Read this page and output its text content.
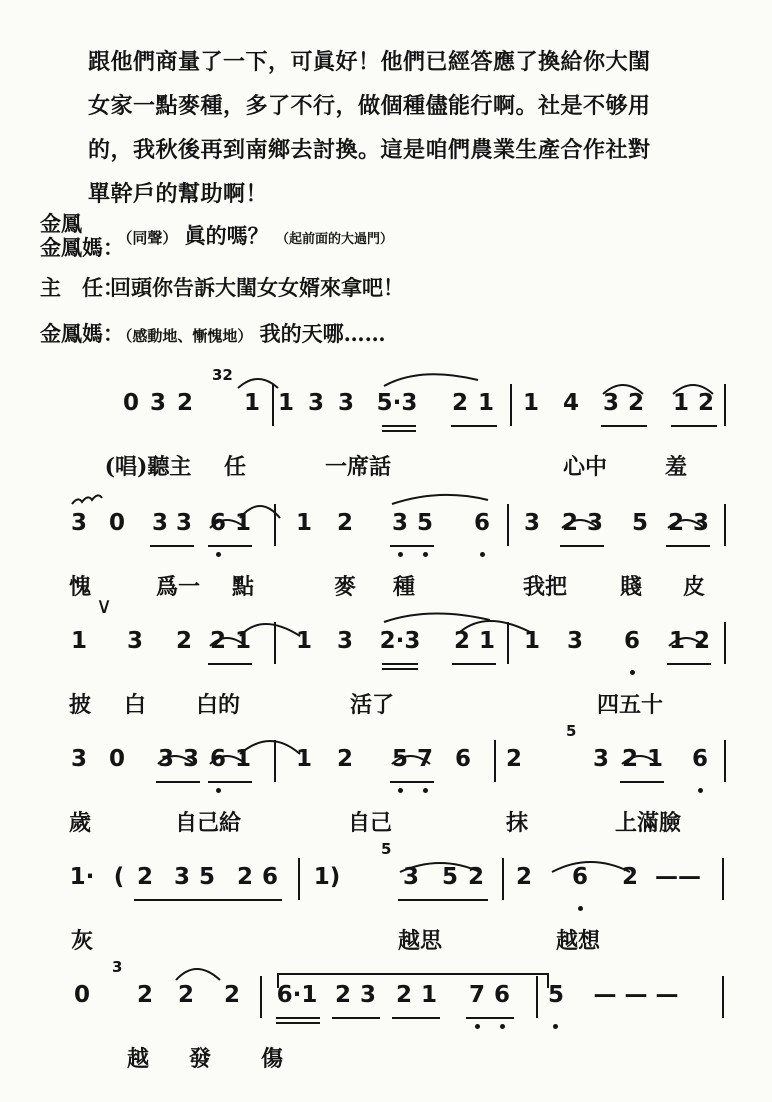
跟他們商量了一下，可眞好！他們已經答應了換給你大閨
女家一點麥種，多了不行，做個種儘能行啊。社是不够用
的，我秋後再到南鄉去討換。這是咱們農業生產合作社對
單幹戶的幫助啊！
金鳳
金鳳媽： （同聲） 眞的嗎？ （起前面的大過門）
主　任：回頭你告訴大閨女女婿來拿吧！
金鳳媽： （感動地、慚愧地） 我的天哪……
0 3 2 1 1 3 3 5·3 2 1 1 4 3 2 1 2
32
(唱)聽主 任	一席話	心中	羞
3 0 3 3 6 1 1 2 3 5 6 3 2 3 5 2 3
愧	爲一 點	麥 種	我把 賤 皮
∨
1 3 2 2 1 1 3 2·3 2 1 1 3 6 1 2
披 白 白的	活了	四五十
3 0 3 3 6 1 1 2 5 7 6 2	3 2 1 6
5
歲	自己給	自己	抹	上滿臉
1· ( 2 3 5 2 6 1)	3 5 2 2 6 2 ——
5
灰	越思	越想
0 2 2 2 6·1 2 3 2 1 7 6 5 — — —
3
越 發 傷
